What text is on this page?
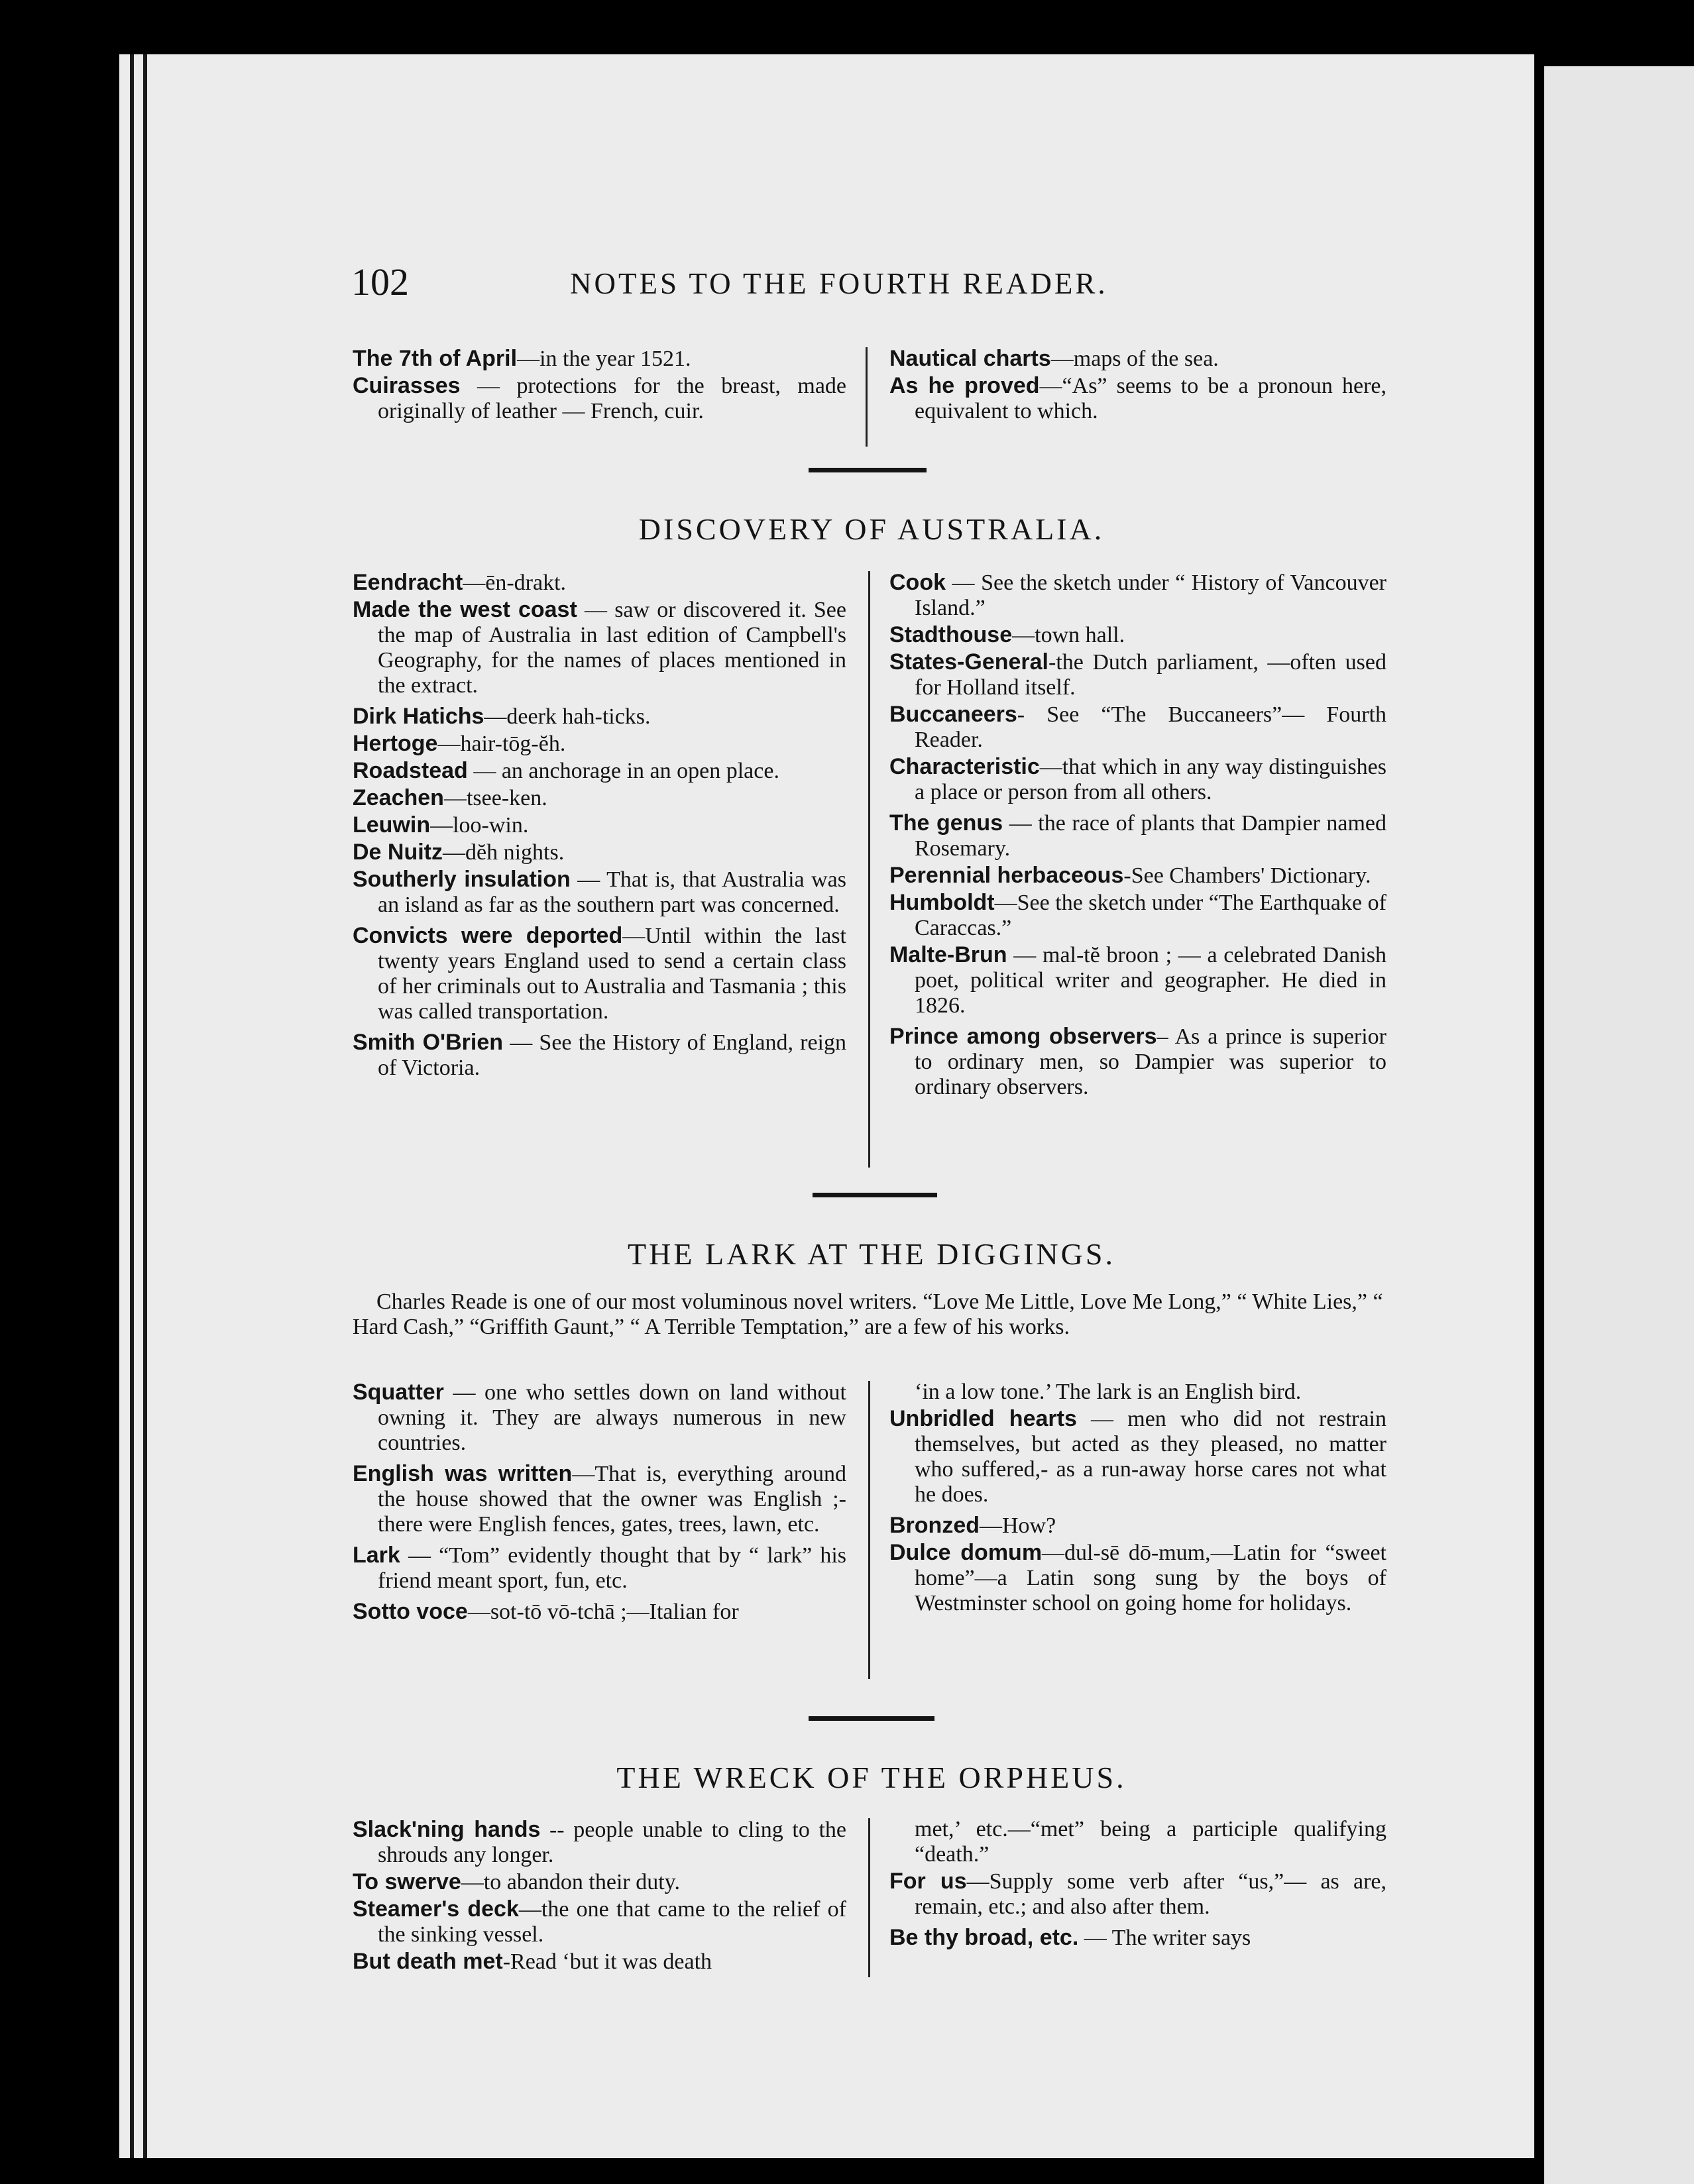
102	NOTES TO THE FOURTH READER.
The 7th of April—in the year 1521.
Cuirasses — protections for the breast, made originally of leather — French, cuir.
Nautical charts—maps of the sea.
As he proved—“As” seems to be a pronoun here, equivalent to which.
DISCOVERY OF AUSTRALIA.
Eendracht—ēn-drakt.
Made the west coast — saw or discovered it. See the map of Australia in last edition of Campbell's Geography, for the names of places mentioned in the extract.
Dirk Hatichs—deerk hah-ticks.
Hertoge—hair-tōg-ĕh.
Roadstead — an anchorage in an open place.
Zeachen—tsee-ken.
Leuwin—loo-win.
De Nuitz—dĕh nights.
Southerly insulation — That is, that Australia was an island as far as the southern part was concerned.
Convicts were deported—Until within the last twenty years England used to send a certain class of her criminals out to Australia and Tasmania ; this was called transportation.
Smith O'Brien — See the History of England, reign of Victoria.
Cook — See the sketch under “ History of Vancouver Island.”
Stadthouse—town hall.
States-General-the Dutch parliament, —often used for Holland itself.
Buccaneers- See “The Buccaneers”— Fourth Reader.
Characteristic—that which in any way distinguishes a place or person from all others.
The genus — the race of plants that Dampier named Rosemary.
Perennial herbaceous-See Chambers' Dictionary.
Humboldt—See the sketch under “The Earthquake of Caraccas.”
Malte-Brun — mal-tĕ broon ; — a celebrated Danish poet, political writer and geographer. He died in 1826.
Prince among observers– As a prince is superior to ordinary men, so Dampier was superior to ordinary observers.
THE LARK AT THE DIGGINGS.
Charles Reade is one of our most voluminous novel writers. “Love Me Little, Love Me Long,” “ White Lies,” “ Hard Cash,” “Griffith Gaunt,” “ A Terrible Temptation,” are a few of his works.
Squatter — one who settles down on land without owning it. They are always numerous in new countries.
English was written—That is, everything around the house showed that the owner was English ;- there were English fences, gates, trees, lawn, etc.
Lark — “Tom” evidently thought that by “ lark” his friend meant sport, fun, etc.
Sotto voce—sot-tō vō-tchā ;—Italian for
‘in a low tone.’ The lark is an English bird.
Unbridled hearts — men who did not restrain themselves, but acted as they pleased, no matter who suffered,- as a run-away horse cares not what he does.
Bronzed—How?
Dulce domum—dul-sē dō-mum,—Latin for “sweet home”—a Latin song sung by the boys of Westminster school on going home for holidays.
THE WRECK OF THE ORPHEUS.
Slack'ning hands -- people unable to cling to the shrouds any longer.
To swerve—to abandon their duty.
Steamer's deck—the one that came to the relief of the sinking vessel.
But death met-Read ‘but it was death
met,’ etc.—“met” being a participle qualifying “death.”
For us—Supply some verb after “us,”— as are, remain, etc.; and also after them.
Be thy broad, etc. — The writer says
